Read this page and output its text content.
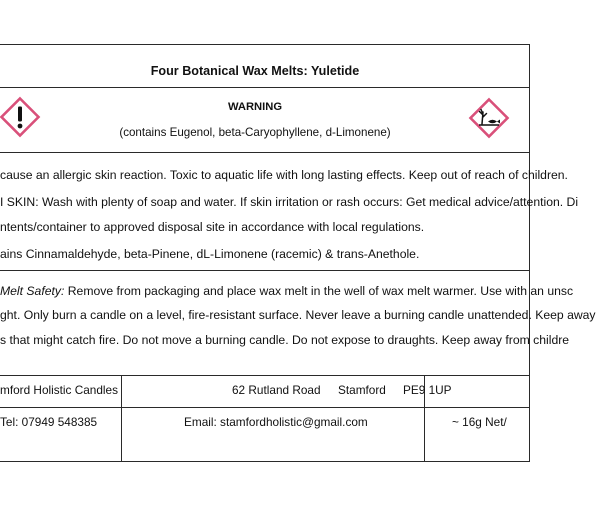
Four Botanical Wax Melts: Yuletide
WARNING
(contains Eugenol, beta-Caryophyllene, d-Limonene)
cause an allergic skin reaction. Toxic to aquatic life with long lasting effects. Keep out of reach of children.
I SKIN: Wash with plenty of soap and water. If skin irritation or rash occurs: Get medical advice/attention. Di
ntents/container to approved disposal site in accordance with local regulations.
ains Cinnamaldehyde, beta-Pinene, dL-Limonene (racemic) & trans-Anethole.
Melt Safety: Remove from packaging and place wax melt in the well of wax melt warmer. Use with an unsc
ght. Only burn a candle on a level, fire-resistant surface. Never leave a burning candle unattended. Keep away
s that might catch fire. Do not move a burning candle. Do not expose to draughts. Keep away from childre
mford Holistic Candles	62 Rutland Road Stamford PE9 1UP
Tel: 07949 548385	Email: stamfordholistic@gmail.com	~ 16g Net/
